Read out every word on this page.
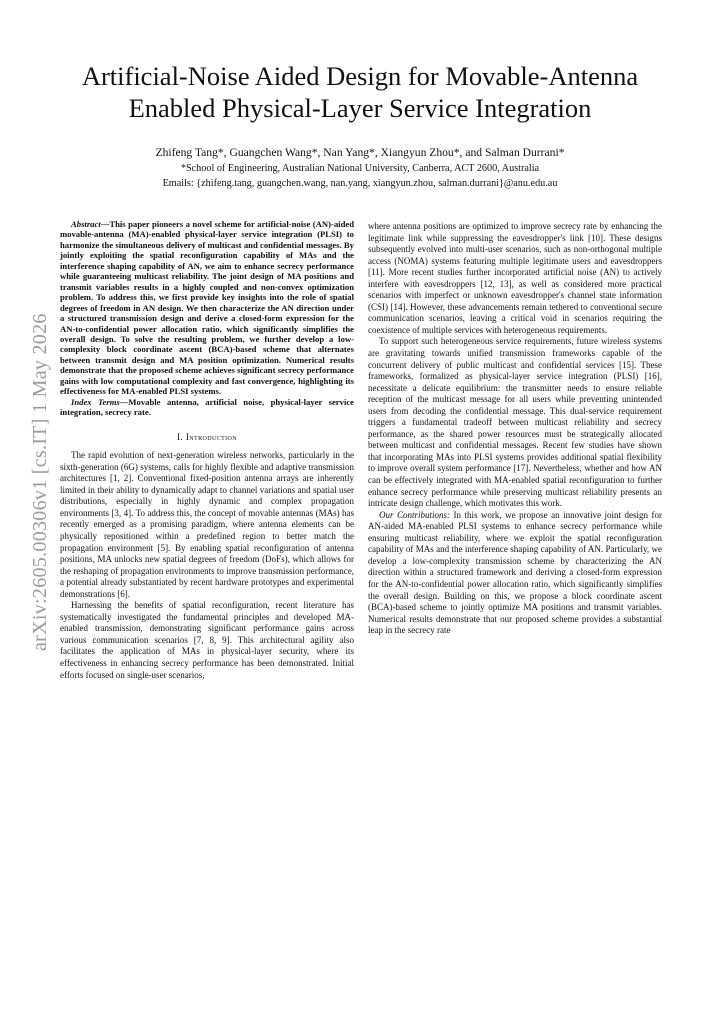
arXiv:2605.00306v1 [cs.IT] 1 May 2026
Artificial-Noise Aided Design for Movable-Antenna Enabled Physical-Layer Service Integration
Zhifeng Tang*, Guangchen Wang*, Nan Yang*, Xiangyun Zhou*, and Salman Durrani*
*School of Engineering, Australian National University, Canberra, ACT 2600, Australia
Emails: {zhifeng.tang, guangchen.wang, nan.yang, xiangyun.zhou, salman.durrani}@anu.edu.au

Abstract—This paper pioneers a novel scheme for artificial-noise (AN)-aided movable-antenna (MA)-enabled physical-layer service integration (PLSI) to harmonize the simultaneous delivery of multicast and confidential messages. By jointly exploiting the spatial reconfiguration capability of MAs and the interference shaping capability of AN, we aim to enhance secrecy performance while guaranteeing multicast reliability. The joint design of MA positions and transmit variables results in a highly coupled and non-convex optimization problem. To address this, we first provide key insights into the role of spatial degrees of freedom in AN design. We then characterize the AN direction under a structured transmission design and derive a closed-form expression for the AN-to-confidential power allocation ratio, which significantly simplifies the overall design. To solve the resulting problem, we further develop a low-complexity block coordinate ascent (BCA)-based scheme that alternates between transmit design and MA position optimization. Numerical results demonstrate that the proposed scheme achieves significant secrecy performance gains with low computational complexity and fast convergence, highlighting its effectiveness for MA-enabled PLSI systems.

Index Terms—Movable antenna, artificial noise, physical-layer service integration, secrecy rate.

I. Introduction

The rapid evolution of next-generation wireless networks, particularly in the sixth-generation (6G) systems, calls for highly flexible and adaptive transmission architectures [1, 2]. Conventional fixed-position antenna arrays are inherently limited in their ability to dynamically adapt to channel variations and spatial user distributions, especially in highly dynamic and complex propagation environments [3, 4]. To address this, the concept of movable antennas (MAs) has recently emerged as a promising paradigm, where antenna elements can be physically repositioned within a predefined region to better match the propagation environment [5]. By enabling spatial reconfiguration of antenna positions, MA unlocks new spatial degrees of freedom (DoFs), which allows for the reshaping of propagation environments to improve transmission performance, a potential already substantiated by recent hardware prototypes and experimental demonstrations [6].

Harnessing the benefits of spatial reconfiguration, recent literature has systematically investigated the fundamental principles and developed MA-enabled transmission, demonstrating significant performance gains across various communication scenarios [7, 8, 9]. This architectural agility also facilitates the application of MAs in physical-layer security, where its effectiveness in enhancing secrecy performance has been demonstrated. Initial efforts focused on single-user scenarios,

where antenna positions are optimized to improve secrecy rate by enhancing the legitimate link while suppressing the eavesdropper's link [10]. These designs subsequently evolved into multi-user scenarios, such as non-orthogonal multiple access (NOMA) systems featuring multiple legitimate users and eavesdroppers [11]. More recent studies further incorporated artificial noise (AN) to actively interfere with eavesdroppers [12, 13], as well as considered more practical scenarios with imperfect or unknown eavesdropper's channel state information (CSI) [14]. However, these advancements remain tethered to conventional secure communication scenarios, leaving a critical void in scenarios requiring the coexistence of multiple services with heterogeneous requirements.

To support such heterogeneous service requirements, future wireless systems are gravitating towards unified transmission frameworks capable of the concurrent delivery of public multicast and confidential services [15]. These frameworks, formalized as physical-layer service integration (PLSI) [16], necessitate a delicate equilibrium: the transmitter needs to ensure reliable reception of the multicast message for all users while preventing unintended users from decoding the confidential message. This dual-service requirement triggers a fundamental tradeoff between multicast reliability and secrecy performance, as the shared power resources must be strategically allocated between multicast and confidential messages. Recent few studies have shown that incorporating MAs into PLSI systems provides additional spatial flexibility to improve overall system performance [17]. Nevertheless, whether and how AN can be effectively integrated with MA-enabled spatial reconfiguration to further enhance secrecy performance while preserving multicast reliability presents an intricate design challenge, which motivates this work.

Our Contributions: In this work, we propose an innovative joint design for AN-aided MA-enabled PLSI systems to enhance secrecy performance while ensuring multicast reliability, where we exploit the spatial reconfiguration capability of MAs and the interference shaping capability of AN. Particularly, we develop a low-complexity transmission scheme by characterizing the AN direction within a structured framework and deriving a closed-form expression for the AN-to-confidential power allocation ratio, which significantly simplifies the overall design. Building on this, we propose a block coordinate ascent (BCA)-based scheme to jointly optimize MA positions and transmit variables. Numerical results demonstrate that our proposed scheme provides a substantial leap in the secrecy rate
